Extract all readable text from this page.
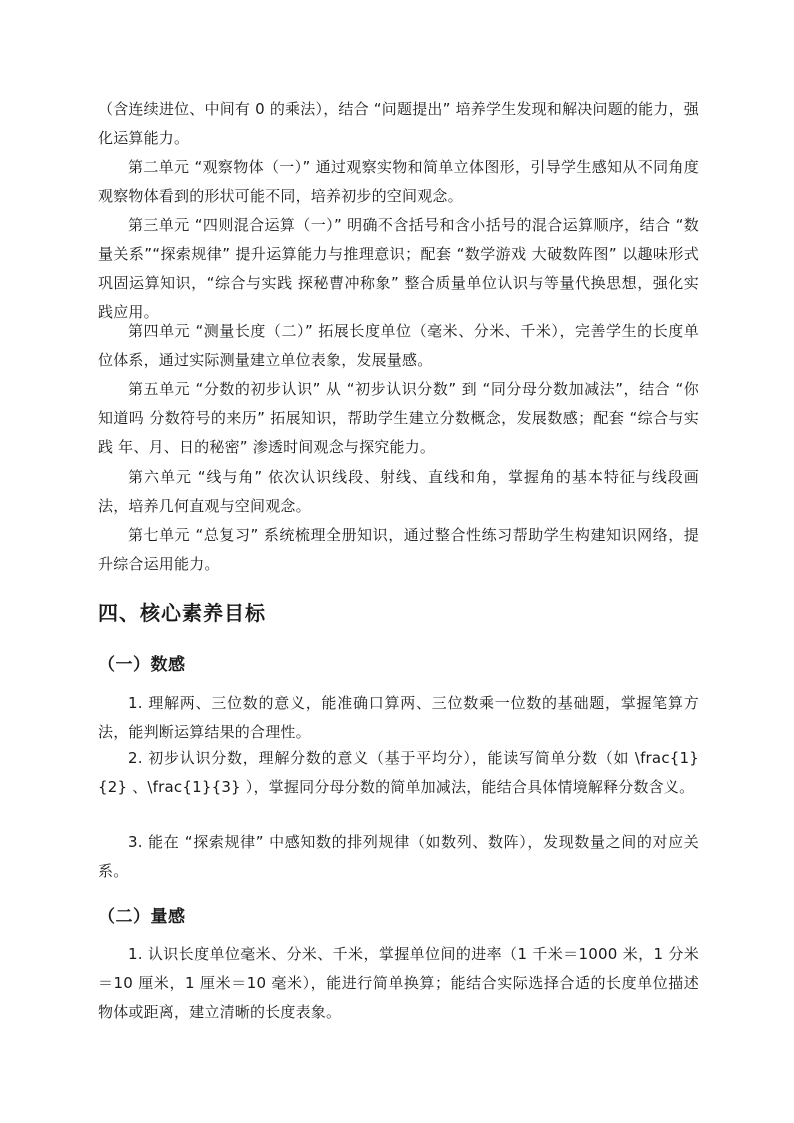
（含连续进位、中间有 0 的乘法），结合 “问题提出” 培养学生发现和解决问题的能力，强化运算能力。

第二单元 “观察物体（一）” 通过观察实物和简单立体图形，引导学生感知从不同角度观察物体看到的形状可能不同，培养初步的空间观念。

第三单元 “四则混合运算（一）” 明确不含括号和含小括号的混合运算顺序，结合 “数量关系”“探索规律” 提升运算能力与推理意识；配套 “数学游戏 大破数阵图” 以趣味形式巩固运算知识，“综合与实践 探秘曹冲称象” 整合质量单位认识与等量代换思想，强化实践应用。

第四单元 “测量长度（二）” 拓展长度单位（毫米、分米、千米），完善学生的长度单位体系，通过实际测量建立单位表象，发展量感。

第五单元 “分数的初步认识” 从 “初步认识分数” 到 “同分母分数加减法”，结合 “你知道吗 分数符号的来历” 拓展知识，帮助学生建立分数概念，发展数感；配套 “综合与实践 年、月、日的秘密” 渗透时间观念与探究能力。

第六单元 “线与角” 依次认识线段、射线、直线和角，掌握角的基本特征与线段画法，培养几何直观与空间观念。

第七单元 “总复习” 系统梳理全册知识，通过整合性练习帮助学生构建知识网络，提升综合运用能力。

四、核心素养目标
（一）数感

1. 理解两、三位数的意义，能准确口算两、三位数乘一位数的基础题，掌握笔算方法，能判断运算结果的合理性。

2. 初步认识分数，理解分数的意义（基于平均分），能读写简单分数（如 \frac{1}{2} 、\frac{1}{3} ），掌握同分母分数的简单加减法，能结合具体情境解释分数含义。

3. 能在 “探索规律” 中感知数的排列规律（如数列、数阵），发现数量之间的对应关系。

（二）量感

1. 认识长度单位毫米、分米、千米，掌握单位间的进率（1 千米＝1000 米，1 分米＝10 厘米，1 厘米＝10 毫米），能进行简单换算；能结合实际选择合适的长度单位描述物体或距离，建立清晰的长度表象。
